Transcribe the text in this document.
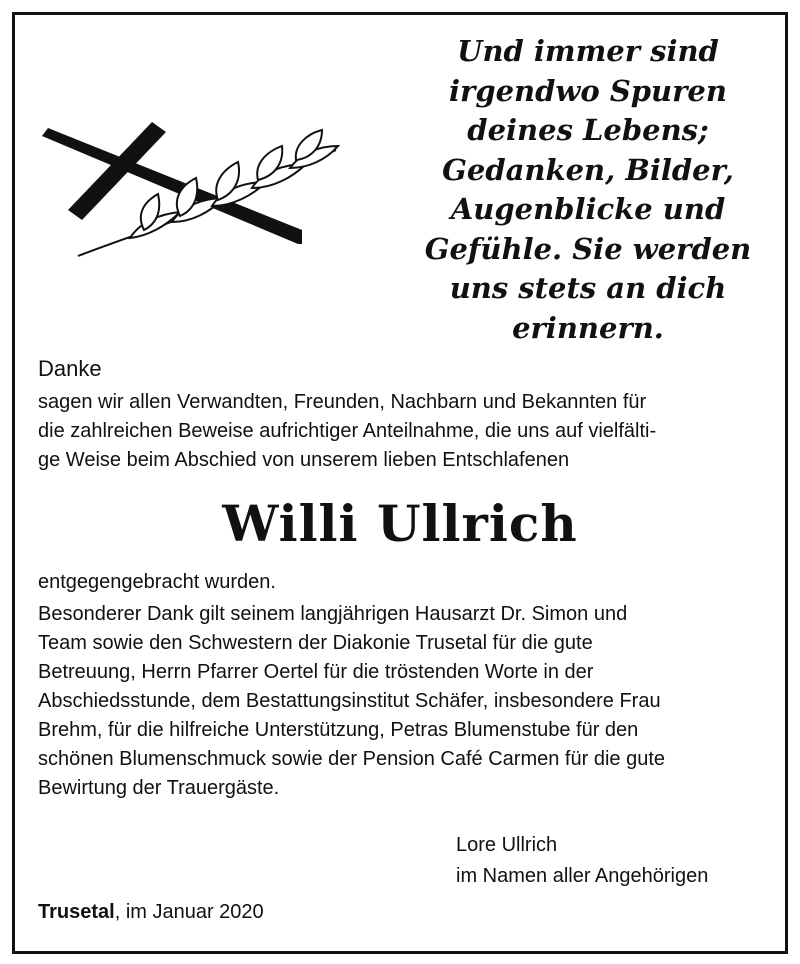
Und immer sind
irgendwo Spuren
deines Lebens;
Gedanken, Bilder,
Augenblicke und
Gefühle. Sie werden
uns stets an dich
erinnern.
Danke
sagen wir allen Verwandten, Freunden, Nachbarn und Bekannten für
die zahlreichen Beweise aufrichtiger Anteilnahme, die uns auf vielfälti-
ge Weise beim Abschied von unserem lieben Entschlafenen
Willi Ullrich
entgegengebracht wurden.
Besonderer Dank gilt seinem langjährigen Hausarzt Dr. Simon und
Team sowie den Schwestern der Diakonie Trusetal für die gute
Betreuung, Herrn Pfarrer Oertel für die tröstenden Worte in der
Abschiedsstunde, dem Bestattungsinstitut Schäfer, insbesondere Frau
Brehm, für die hilfreiche Unterstützung, Petras Blumenstube für den
schönen Blumenschmuck sowie der Pension Café Carmen für die gute
Bewirtung der Trauergäste.
Lore Ullrich
im Namen aller Angehörigen
Trusetal, im Januar 2020
